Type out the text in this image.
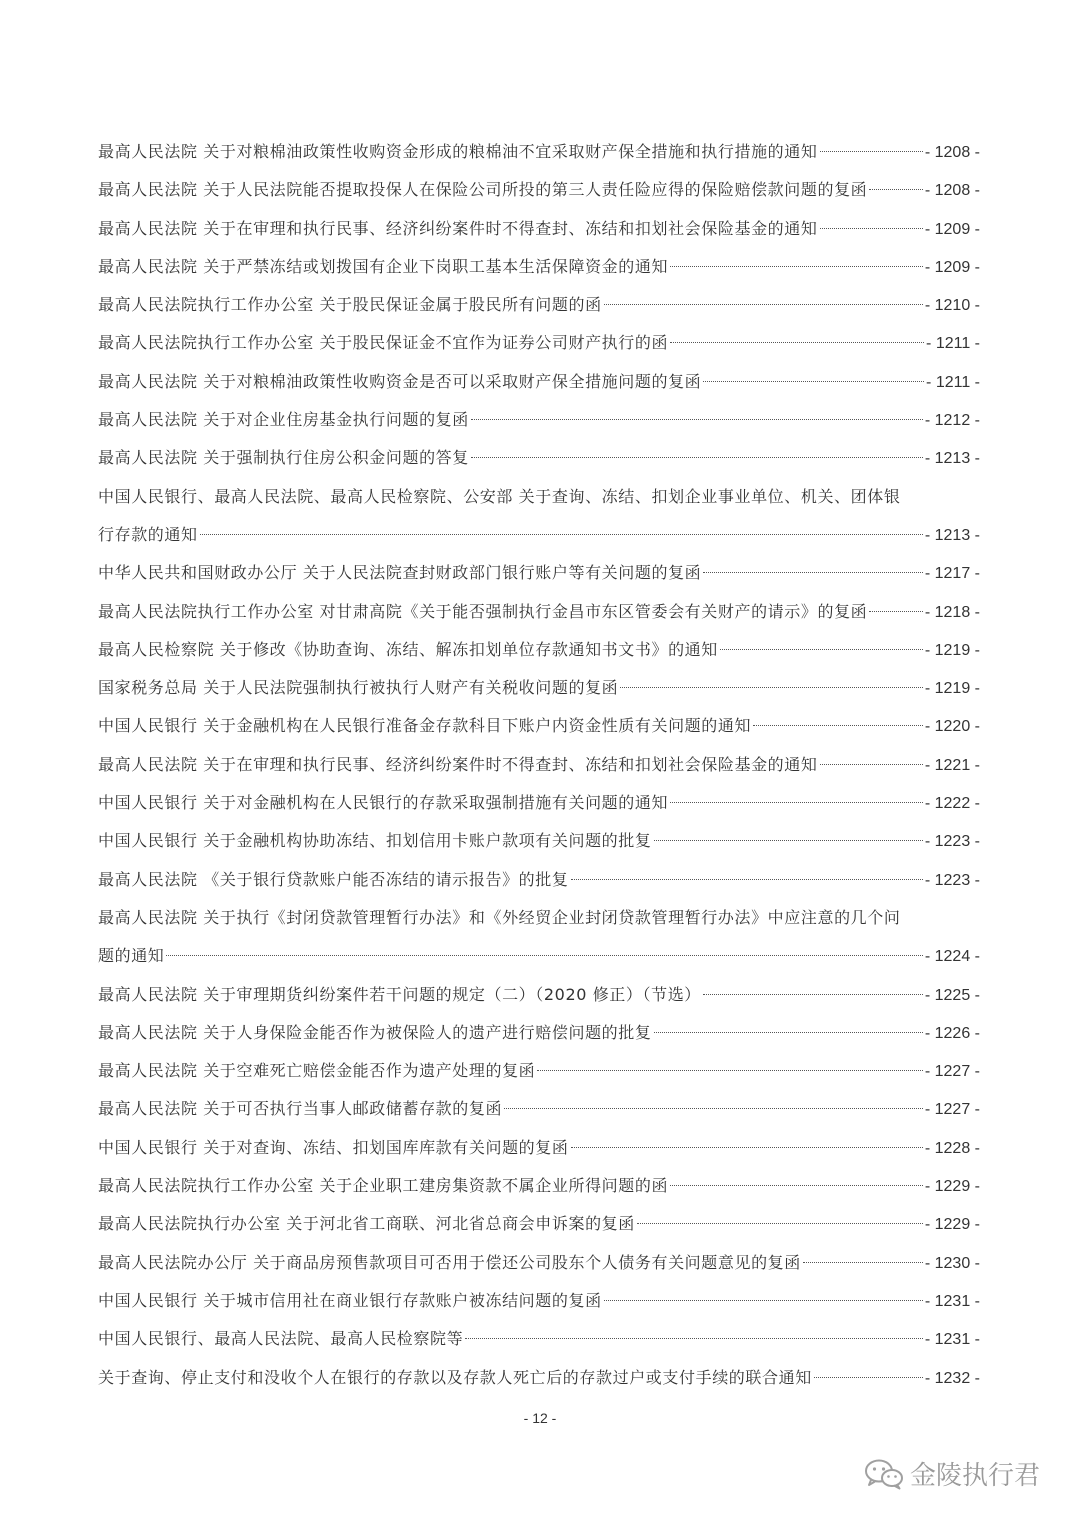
最高人民法院 关于对粮棉油政策性收购资金形成的粮棉油不宜采取财产保全措施和执行措施的通知	- 1208 -
最高人民法院 关于人民法院能否提取投保人在保险公司所投的第三人责任险应得的保险赔偿款问题的复函	- 1208 -
最高人民法院 关于在审理和执行民事、经济纠纷案件时不得查封、冻结和扣划社会保险基金的通知	- 1209 -
最高人民法院 关于严禁冻结或划拨国有企业下岗职工基本生活保障资金的通知	- 1209 -
最高人民法院执行工作办公室 关于股民保证金属于股民所有问题的函	- 1210 -
最高人民法院执行工作办公室 关于股民保证金不宜作为证券公司财产执行的函	- 1211 -
最高人民法院 关于对粮棉油政策性收购资金是否可以采取财产保全措施问题的复函	- 1211 -
最高人民法院 关于对企业住房基金执行问题的复函	- 1212 -
最高人民法院 关于强制执行住房公积金问题的答复	- 1213 -
中国人民银行、最高人民法院、最高人民检察院、公安部 关于查询、冻结、扣划企业事业单位、机关、团体银
行存款的通知	- 1213 -
中华人民共和国财政办公厅 关于人民法院查封财政部门银行账户等有关问题的复函	- 1217 -
最高人民法院执行工作办公室 对甘肃高院《关于能否强制执行金昌市东区管委会有关财产的请示》的复函	- 1218 -
最高人民检察院 关于修改《协助查询、冻结、解冻扣划单位存款通知书文书》的通知	- 1219 -
国家税务总局 关于人民法院强制执行被执行人财产有关税收问题的复函	- 1219 -
中国人民银行 关于金融机构在人民银行准备金存款科目下账户内资金性质有关问题的通知	- 1220 -
最高人民法院 关于在审理和执行民事、经济纠纷案件时不得查封、冻结和扣划社会保险基金的通知	- 1221 -
中国人民银行 关于对金融机构在人民银行的存款采取强制措施有关问题的通知	- 1222 -
中国人民银行 关于金融机构协助冻结、扣划信用卡账户款项有关问题的批复	- 1223 -
最高人民法院 《关于银行贷款账户能否冻结的请示报告》的批复	- 1223 -
最高人民法院 关于执行《封闭贷款管理暂行办法》和《外经贸企业封闭贷款管理暂行办法》中应注意的几个问
题的通知	- 1224 -
最高人民法院 关于审理期货纠纷案件若干问题的规定（二）（2020 修正）（节选）	- 1225 -
最高人民法院 关于人身保险金能否作为被保险人的遗产进行赔偿问题的批复	- 1226 -
最高人民法院 关于空难死亡赔偿金能否作为遗产处理的复函	- 1227 -
最高人民法院 关于可否执行当事人邮政储蓄存款的复函	- 1227 -
中国人民银行 关于对查询、冻结、扣划国库库款有关问题的复函	- 1228 -
最高人民法院执行工作办公室 关于企业职工建房集资款不属企业所得问题的函	- 1229 -
最高人民法院执行办公室 关于河北省工商联、河北省总商会申诉案的复函	- 1229 -
最高人民法院办公厅 关于商品房预售款项目可否用于偿还公司股东个人债务有关问题意见的复函	- 1230 -
中国人民银行 关于城市信用社在商业银行存款账户被冻结问题的复函	- 1231 -
中国人民银行、最高人民法院、最高人民检察院等	- 1231 -
关于查询、停止支付和没收个人在银行的存款以及存款人死亡后的存款过户或支付手续的联合通知	- 1232 -
- 12 -
金陵执行君
